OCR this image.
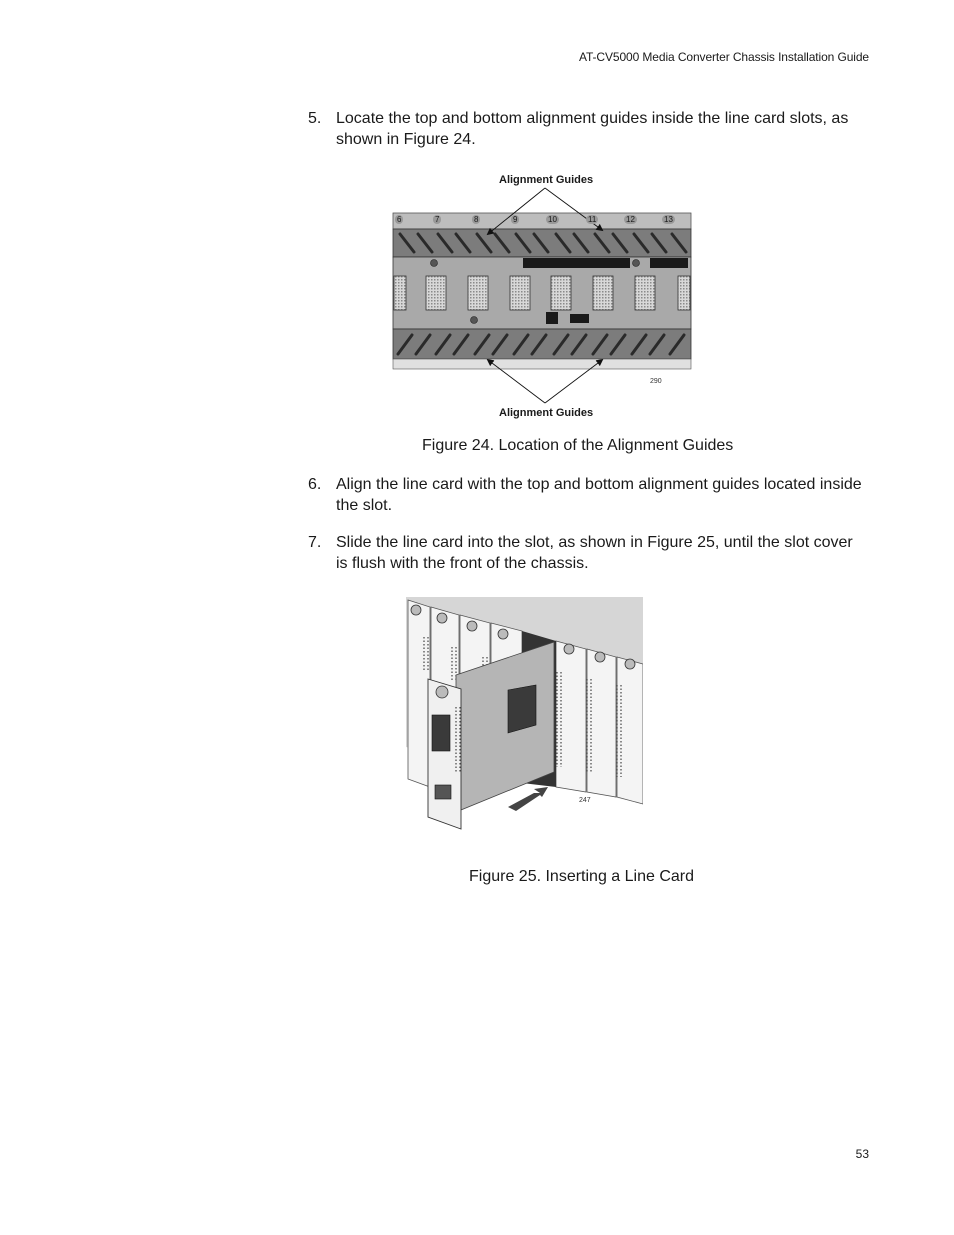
AT-CV5000 Media Converter Chassis Installation Guide
5. Locate the top and bottom alignment guides inside the line card slots, as shown in Figure 24.
Alignment Guides
Alignment Guides
290
6	7	8	9	10	11	12	13
Figure 24. Location of the Alignment Guides
6. Align the line card with the top and bottom alignment guides located inside the slot.
7. Slide the line card into the slot, as shown in Figure 25, until the slot cover is flush with the front of the chassis.
247
Figure 25. Inserting a Line Card
53
